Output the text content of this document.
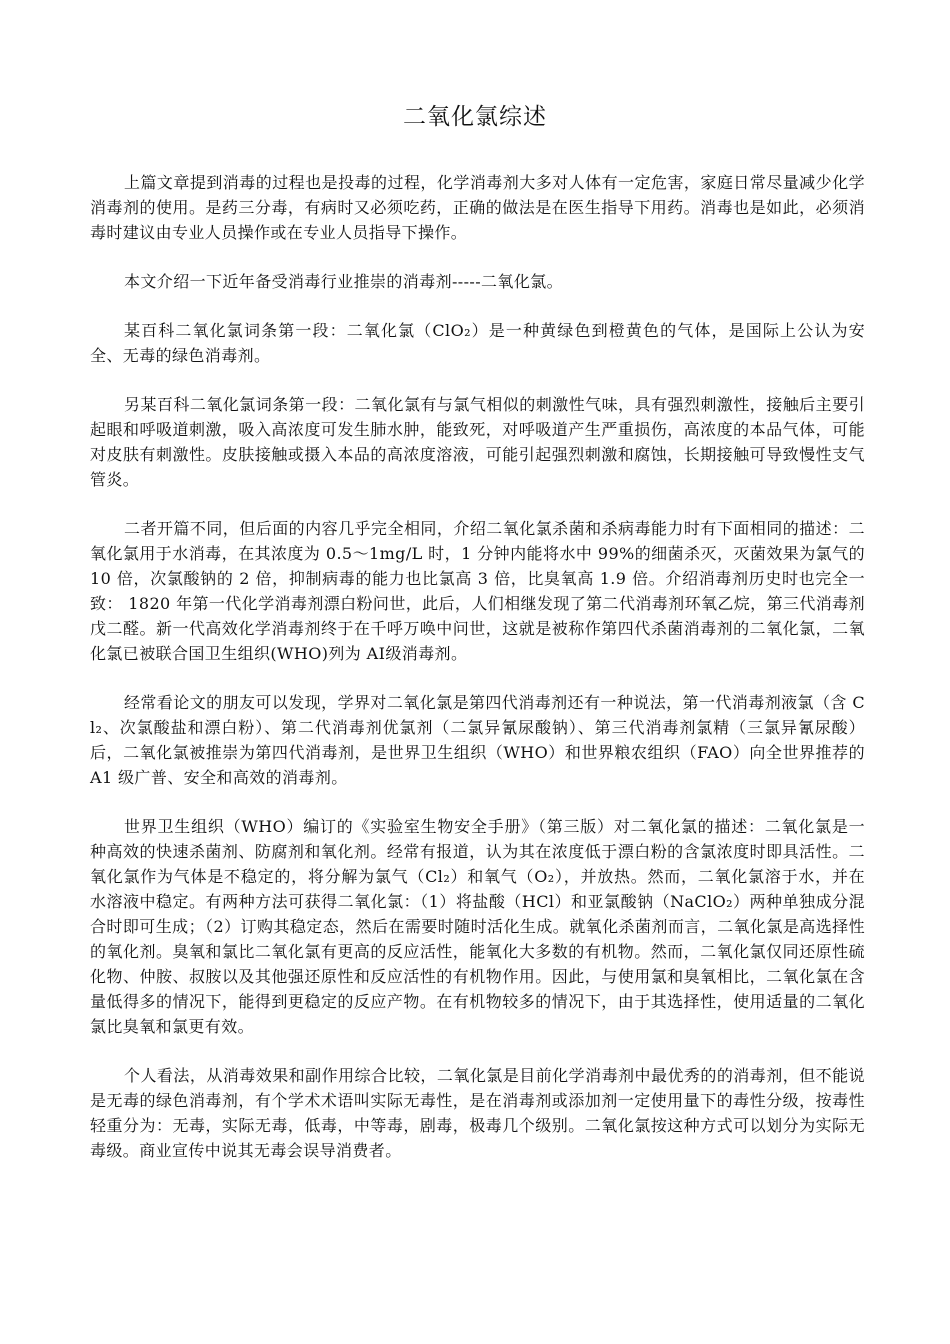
二氧化氯综述

上篇文章提到消毒的过程也是投毒的过程，化学消毒剂大多对人体有一定危害，家庭日常尽量减少化学消毒剂的使用。是药三分毒，有病时又必须吃药，正确的做法是在医生指导下用药。消毒也是如此，必须消毒时建议由专业人员操作或在专业人员指导下操作。

本文介绍一下近年备受消毒行业推崇的消毒剂-----二氧化氯。

某百科二氧化氯词条第一段：二氧化氯（ClO₂）是一种黄绿色到橙黄色的气体，是国际上公认为安全、无毒的绿色消毒剂。

另某百科二氧化氯词条第一段：二氧化氯有与氯气相似的刺激性气味，具有强烈刺激性，接触后主要引起眼和呼吸道刺激，吸入高浓度可发生肺水肿，能致死，对呼吸道产生严重损伤，高浓度的本品气体，可能对皮肤有刺激性。皮肤接触或摄入本品的高浓度溶液，可能引起强烈刺激和腐蚀，长期接触可导致慢性支气管炎。

二者开篇不同，但后面的内容几乎完全相同，介绍二氧化氯杀菌和杀病毒能力时有下面相同的描述：二氧化氯用于水消毒，在其浓度为 0.5～1mg/L 时，1 分钟内能将水中 99%的细菌杀灭，灭菌效果为氯气的 10 倍，次氯酸钠的 2 倍，抑制病毒的能力也比氯高 3 倍，比臭氧高 1.9 倍。介绍消毒剂历史时也完全一致： 1820 年第一代化学消毒剂漂白粉问世，此后，人们相继发现了第二代消毒剂环氧乙烷，第三代消毒剂戊二醛。新一代高效化学消毒剂终于在千呼万唤中问世，这就是被称作第四代杀菌消毒剂的二氧化氯，二氧化氯已被联合国卫生组织(WHO)列为 AⅠ级消毒剂。

经常看论文的朋友可以发现，学界对二氧化氯是第四代消毒剂还有一种说法，第一代消毒剂液氯（含 Cl₂、次氯酸盐和漂白粉）、第二代消毒剂优氯剂（二氯异氰尿酸钠）、第三代消毒剂氯精（三氯异氰尿酸）后，二氧化氯被推崇为第四代消毒剂，是世界卫生组织（WHO）和世界粮农组织（FAO）向全世界推荐的 A1 级广普、安全和高效的消毒剂。

世界卫生组织（WHO）编订的《实验室生物安全手册》（第三版）对二氧化氯的描述：二氧化氯是一种高效的快速杀菌剂、防腐剂和氧化剂。经常有报道，认为其在浓度低于漂白粉的含氯浓度时即具活性。二氧化氯作为气体是不稳定的，将分解为氯气（Cl₂）和氧气（O₂），并放热。然而，二氧化氯溶于水，并在水溶液中稳定。有两种方法可获得二氧化氯：（1）将盐酸（HCl）和亚氯酸钠（NaClO₂）两种单独成分混合时即可生成；（2）订购其稳定态，然后在需要时随时活化生成。就氧化杀菌剂而言，二氧化氯是高选择性的氧化剂。臭氧和氯比二氧化氯有更高的反应活性，能氧化大多数的有机物。然而，二氧化氯仅同还原性硫化物、仲胺、叔胺以及其他强还原性和反应活性的有机物作用。因此，与使用氯和臭氧相比，二氧化氯在含量低得多的情况下，能得到更稳定的反应产物。在有机物较多的情况下，由于其选择性，使用适量的二氧化氯比臭氧和氯更有效。

个人看法，从消毒效果和副作用综合比较，二氧化氯是目前化学消毒剂中最优秀的的消毒剂，但不能说是无毒的绿色消毒剂，有个学术术语叫实际无毒性，是在消毒剂或添加剂一定使用量下的毒性分级，按毒性轻重分为：无毒，实际无毒，低毒，中等毒，剧毒，极毒几个级别。二氧化氯按这种方式可以划分为实际无毒级。商业宣传中说其无毒会误导消费者。
